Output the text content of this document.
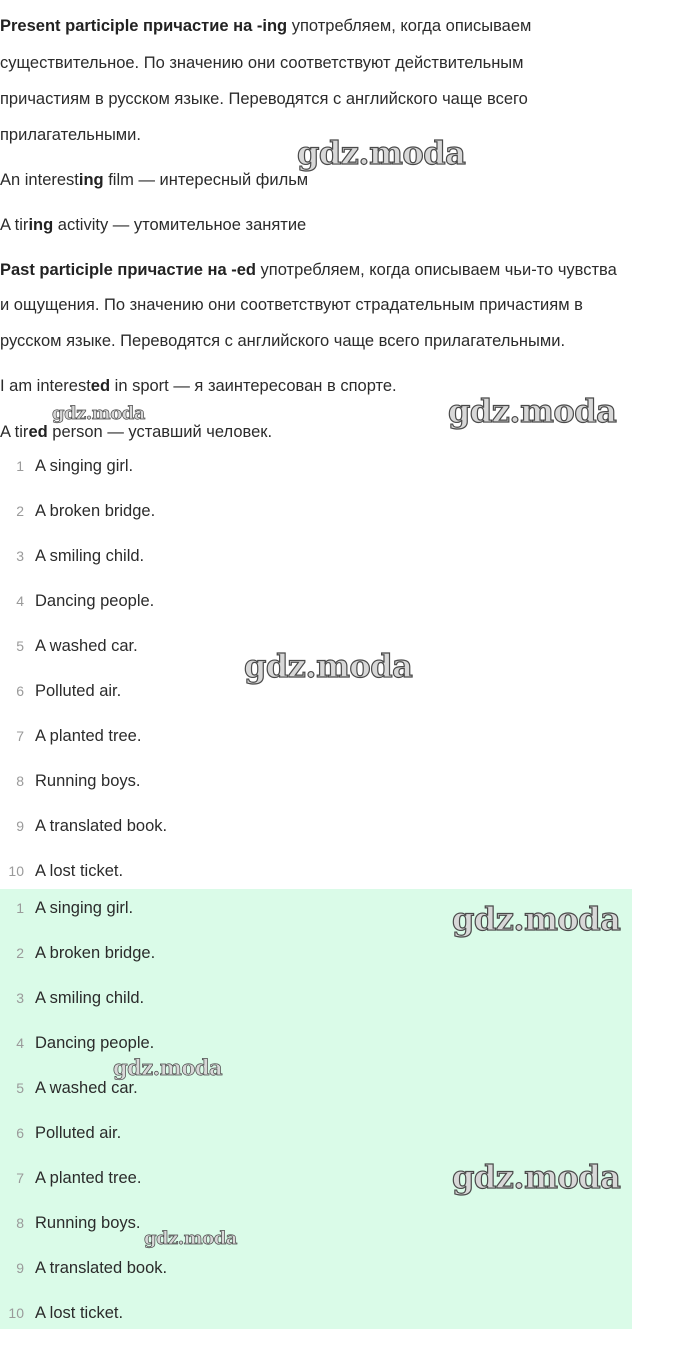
Present participle причастие на -ing употребляем, когда описываем
существительное. По значению они соответствуют действительным
причастиям в русском языке. Переводятся с английского чаще всего
прилагательными.
An interesting film — интересный фильм
A tiring activity — утомительное занятие
Past participle причастие на -ed употребляем, когда описываем чьи-то чувства
и ощущения. По значению они соответствуют страдательным причастиям в
русском языке. Переводятся с английского чаще всего прилагательными.
I am interested in sport — я заинтересован в спорте.
A tired person — уставший человек.
1 A singing girl.
2 A broken bridge.
3 A smiling child.
4 Dancing people.
5 A washed car.
6 Polluted air.
7 A planted tree.
8 Running boys.
9 A translated book.
10 A lost ticket.
1 A singing girl.
2 A broken bridge.
3 A smiling child.
4 Dancing people.
5 A washed car.
6 Polluted air.
7 A planted tree.
8 Running boys.
9 A translated book.
10 A lost ticket.
gdz.moda
gdz.moda
gdz.moda
gdz.moda
gdz.moda
gdz.moda
gdz.moda
gdz.moda
